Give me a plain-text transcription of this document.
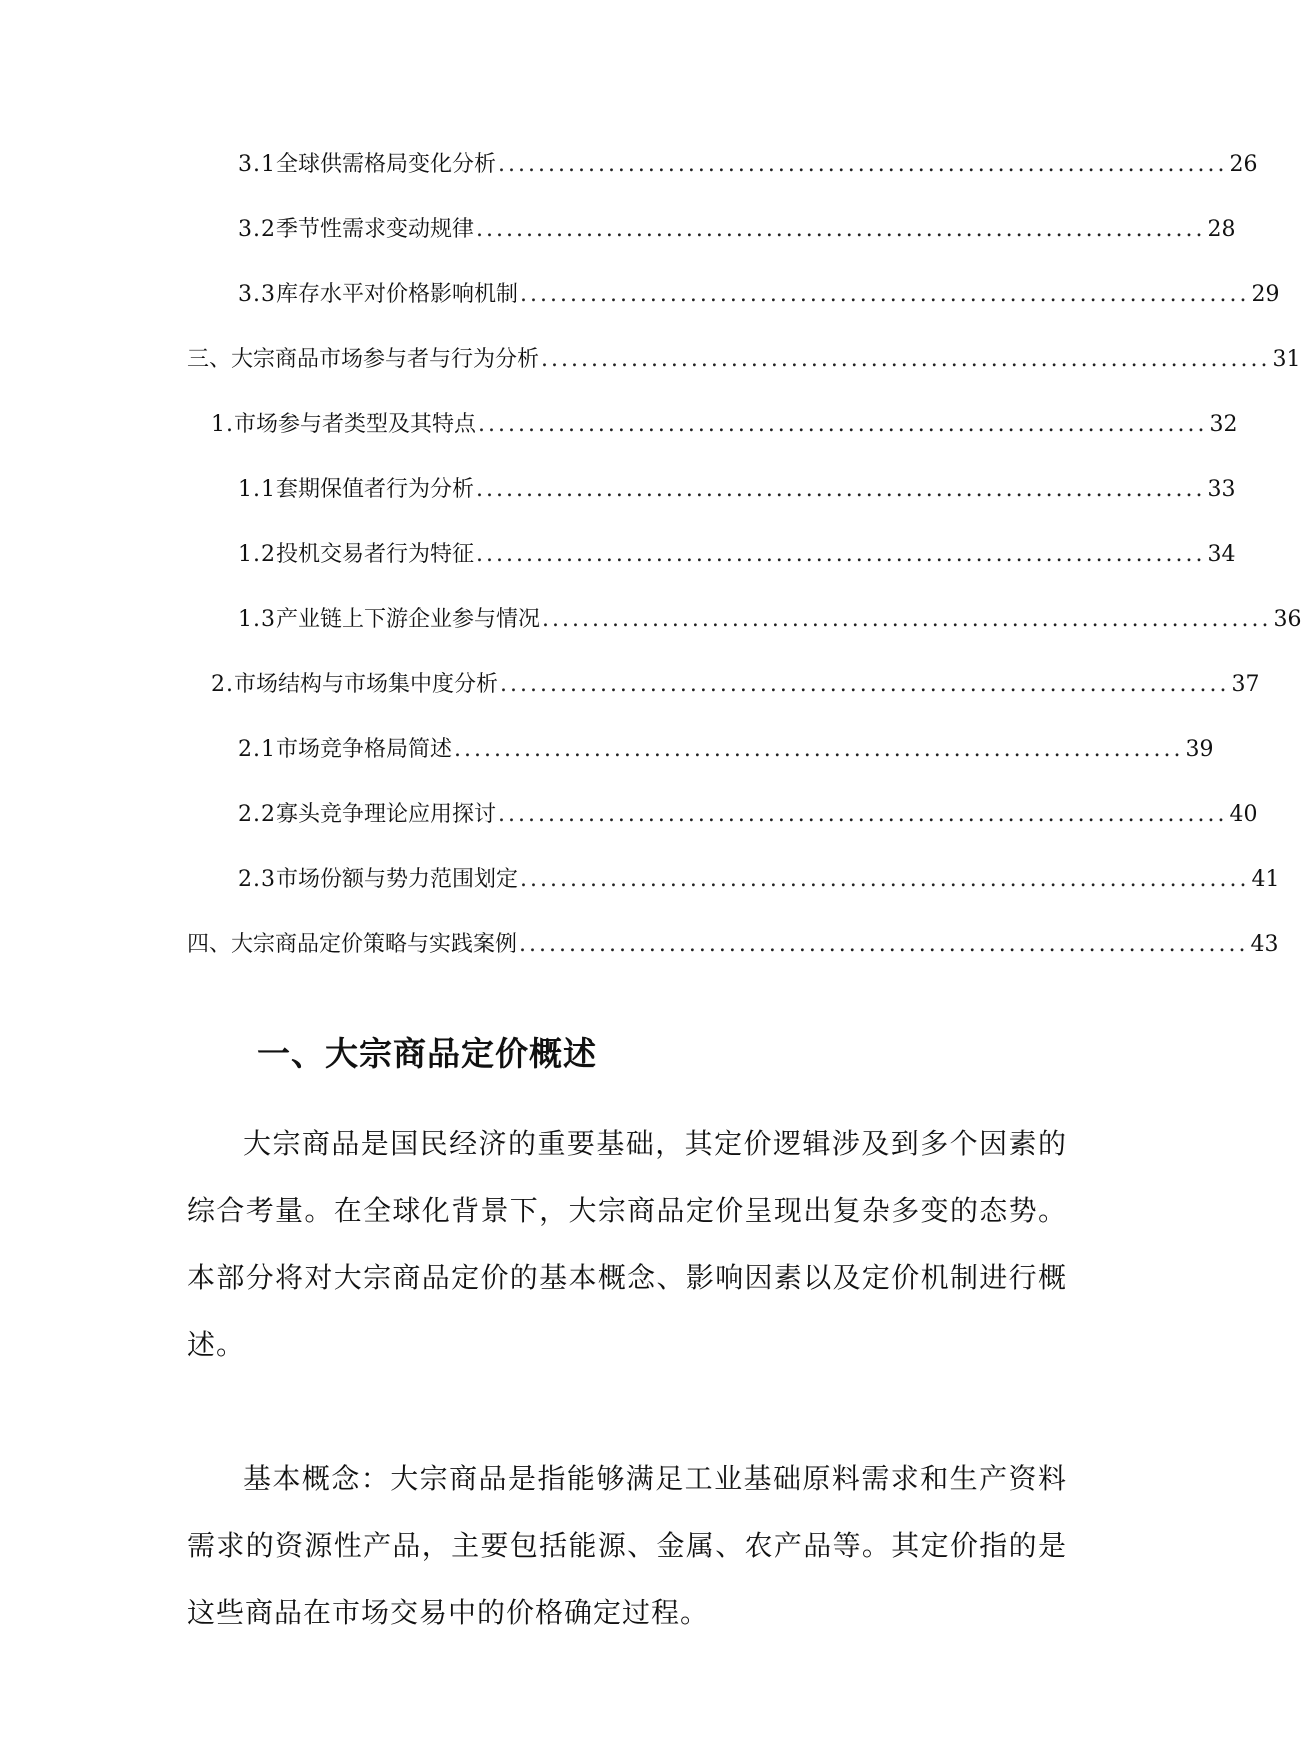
3.1 全球供需格局变化分析 ......................................................................... 26
3.2 季节性需求变动规律 ......................................................................... 28
3.3 库存水平对价格影响机制 ......................................................................... 29
三、大宗商品市场参与者与行为分析 ......................................................................... 31
1. 市场参与者类型及其特点 ......................................................................... 32
1.1 套期保值者行为分析 ......................................................................... 33
1.2 投机交易者行为特征 ......................................................................... 34
1.3 产业链上下游企业参与情况 ......................................................................... 36
2. 市场结构与市场集中度分析 ......................................................................... 37
2.1 市场竞争格局简述 ......................................................................... 39
2.2 寡头竞争理论应用探讨 ......................................................................... 40
2.3 市场份额与势力范围划定 ......................................................................... 41
四、大宗商品定价策略与实践案例 ......................................................................... 43
一、大宗商品定价概述
大宗商品是国民经济的重要基础，其定价逻辑涉及到多个因素的综合考量。在全球化背景下，大宗商品定价呈现出复杂多变的态势。本部分将对大宗商品定价的基本概念、影响因素以及定价机制进行概述。
基本概念：大宗商品是指能够满足工业基础原料需求和生产资料需求的资源性产品，主要包括能源、金属、农产品等。其定价指的是这些商品在市场交易中的价格确定过程。
